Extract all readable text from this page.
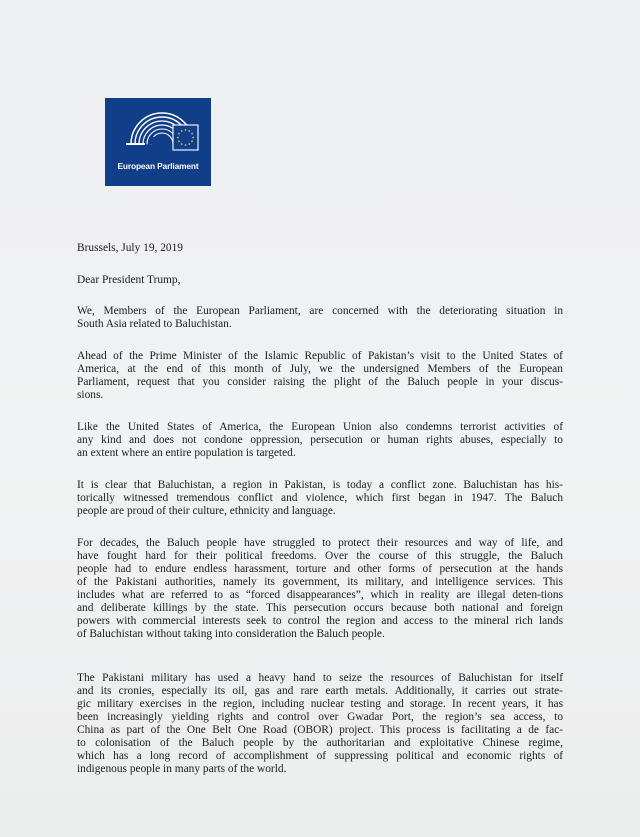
European Parliament
Brussels, July 19, 2019
Dear President Trump,
We, Members of the European Parliament, are concerned with the deteriorating situation in
South Asia related to Baluchistan.
Ahead of the Prime Minister of the Islamic Republic of Pakistan’s visit to the United States of
America, at the end of this month of July, we the undersigned Members of the European
Parliament, request that you consider raising the plight of the Baluch people in your discus-
sions.
Like the United States of America, the European Union also condemns terrorist activities of
any kind and does not condone oppression, persecution or human rights abuses, especially to
an extent where an entire population is targeted.
It is clear that Baluchistan, a region in Pakistan, is today a conflict zone. Baluchistan has his-
torically witnessed tremendous conflict and violence, which first began in 1947. The Baluch
people are proud of their culture, ethnicity and language.
For decades, the Baluch people have struggled to protect their resources and way of life, and
have fought hard for their political freedoms. Over the course of this struggle, the Baluch
people had to endure endless harassment, torture and other forms of persecution at the hands
of the Pakistani authorities, namely its government, its military, and intelligence services. This
includes what are referred to as “forced disappearances”, which in reality are illegal deten-tions
and deliberate killings by the state. This persecution occurs because both national and foreign
powers with commercial interests seek to control the region and access to the mineral rich lands
of Baluchistan without taking into consideration the Baluch people.
The Pakistani military has used a heavy hand to seize the resources of Baluchistan for itself
and its cronies, especially its oil, gas and rare earth metals. Additionally, it carries out strate-
gic military exercises in the region, including nuclear testing and storage. In recent years, it has
been increasingly yielding rights and control over Gwadar Port, the region’s sea access, to
China as part of the One Belt One Road (OBOR) project. This process is facilitating a de fac-
to colonisation of the Baluch people by the authoritarian and exploitative Chinese regime,
which has a long record of accomplishment of suppressing political and economic rights of
indigenous people in many parts of the world.
